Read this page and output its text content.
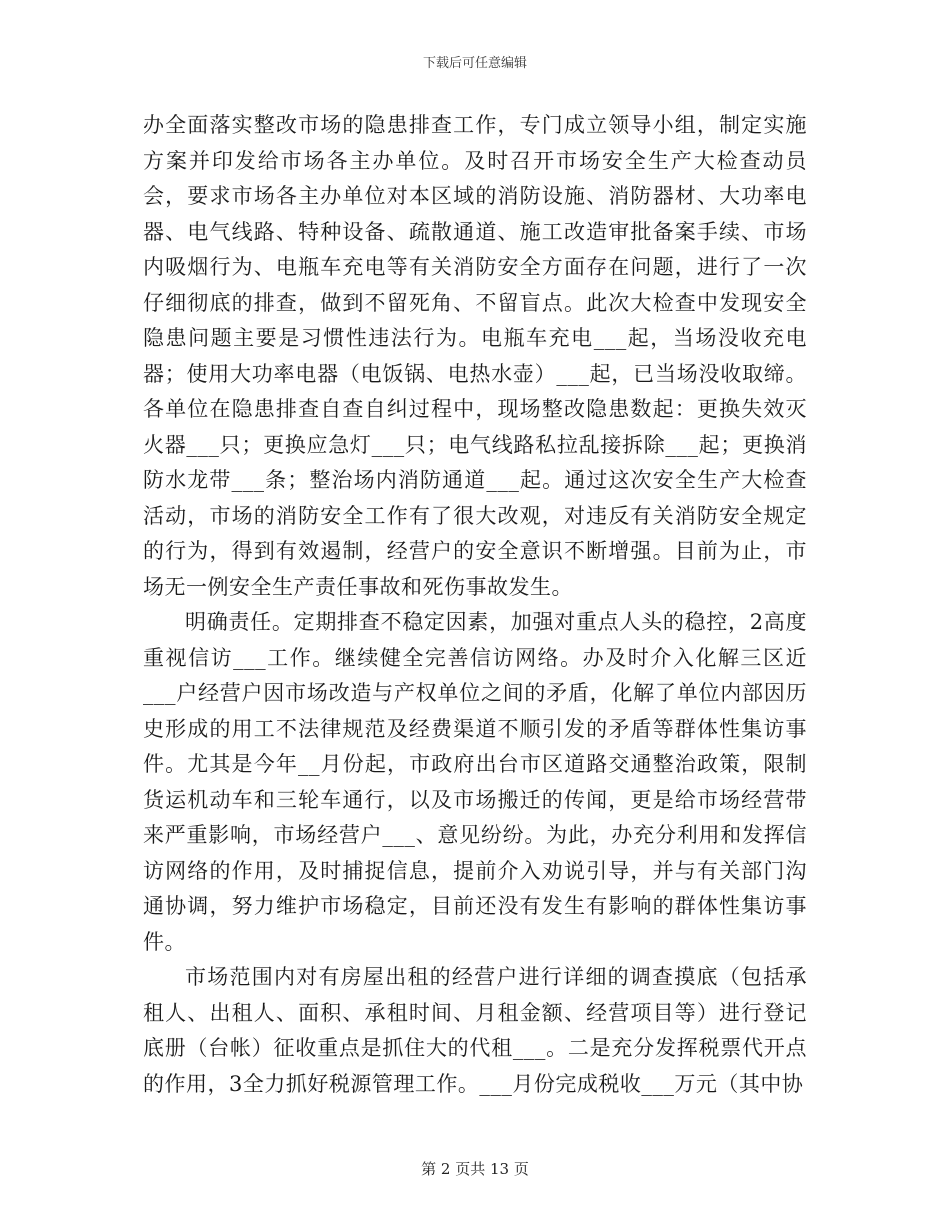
下载后可任意编辑

办全面落实整改市场的隐患排查工作，专门成立领导小组，制定实施方案并印发给市场各主办单位。及时召开市场安全生产大检查动员会，要求市场各主办单位对本区域的消防设施、消防器材、大功率电器、电气线路、特种设备、疏散通道、施工改造审批备案手续、市场内吸烟行为、电瓶车充电等有关消防安全方面存在问题，进行了一次仔细彻底的排查，做到不留死角、不留盲点。此次大检查中发现安全隐患问题主要是习惯性违法行为。电瓶车充电___起，当场没收充电器；使用大功率电器（电饭锅、电热水壶）___起，已当场没收取缔。各单位在隐患排查自查自纠过程中，现场整改隐患数起：更换失效灭火器___只；更换应急灯___只；电气线路私拉乱接拆除___起；更换消防水龙带___条；整治场内消防通道___起。通过这次安全生产大检查活动，市场的消防安全工作有了很大改观，对违反有关消防安全规定的行为，得到有效遏制，经营户的安全意识不断增强。目前为止，市场无一例安全生产责任事故和死伤事故发生。

明确责任。定期排查不稳定因素，加强对重点人头的稳控，2高度重视信访___工作。继续健全完善信访网络。办及时介入化解三区近___户经营户因市场改造与产权单位之间的矛盾，化解了单位内部因历史形成的用工不法律规范及经费渠道不顺引发的矛盾等群体性集访事件。尤其是今年__月份起，市政府出台市区道路交通整治政策，限制货运机动车和三轮车通行，以及市场搬迁的传闻，更是给市场经营带来严重影响，市场经营户___、意见纷纷。为此，办充分利用和发挥信访网络的作用，及时捕捉信息，提前介入劝说引导，并与有关部门沟通协调，努力维护市场稳定，目前还没有发生有影响的群体性集访事件。

市场范围内对有房屋出租的经营户进行详细的调查摸底（包括承租人、出租人、面积、承租时间、月租金额、经营项目等）进行登记底册（台帐）征收重点是抓住大的代租___。二是充分发挥税票代开点的作用，3全力抓好税源管理工作。___月份完成税收___万元（其中协

第 2 页共 13 页
